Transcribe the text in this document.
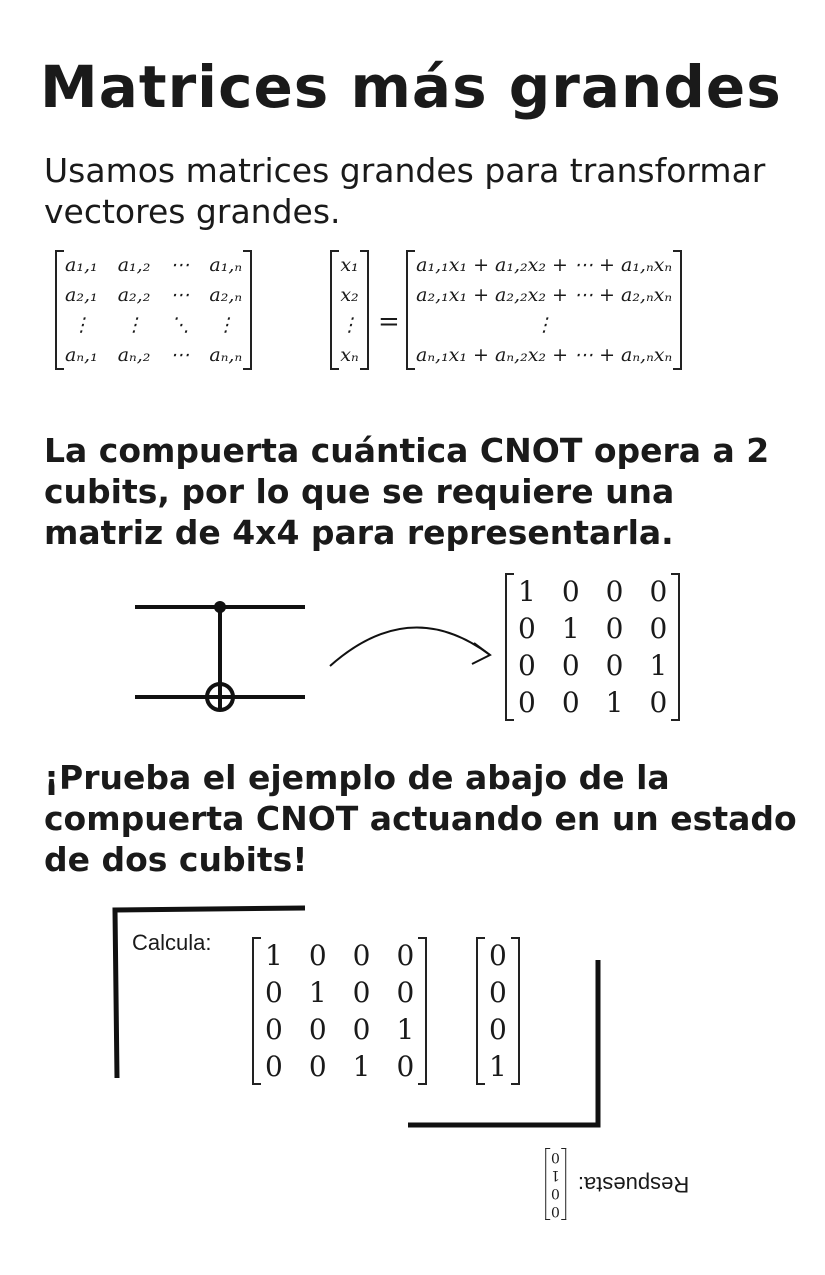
Matrices más grandes
Usamos matrices grandes para transformar vectores grandes.
a₁,₁	a₁,₂	⋯	a₁,ₙ
a₂,₁	a₂,₂	⋯	a₂,ₙ
⋮	⋮	⋱	⋮
aₙ,₁	aₙ,₂	⋯	aₙ,ₙ
x₁
x₂
⋮
xₙ
=
a₁,₁x₁ + a₁,₂x₂ + ⋯ + a₁,ₙxₙ
a₂,₁x₁ + a₂,₂x₂ + ⋯ + a₂,ₙxₙ
⋮
aₙ,₁x₁ + aₙ,₂x₂ + ⋯ + aₙ,ₙxₙ
La compuerta cuántica CNOT opera a 2 cubits, por lo que se requiere una matriz de 4x4 para representarla.
1	0	0	0
0	1	0	0
0	0	0	1
0	0	1	0
¡Prueba el ejemplo de abajo de la compuerta CNOT actuando en un estado de dos cubits!
Calcula: 1	0	0	0
0	1	0	0
0	0	0	1
0	0	1	0
0
0
0
1
Respuesta:
0
0
1
0
